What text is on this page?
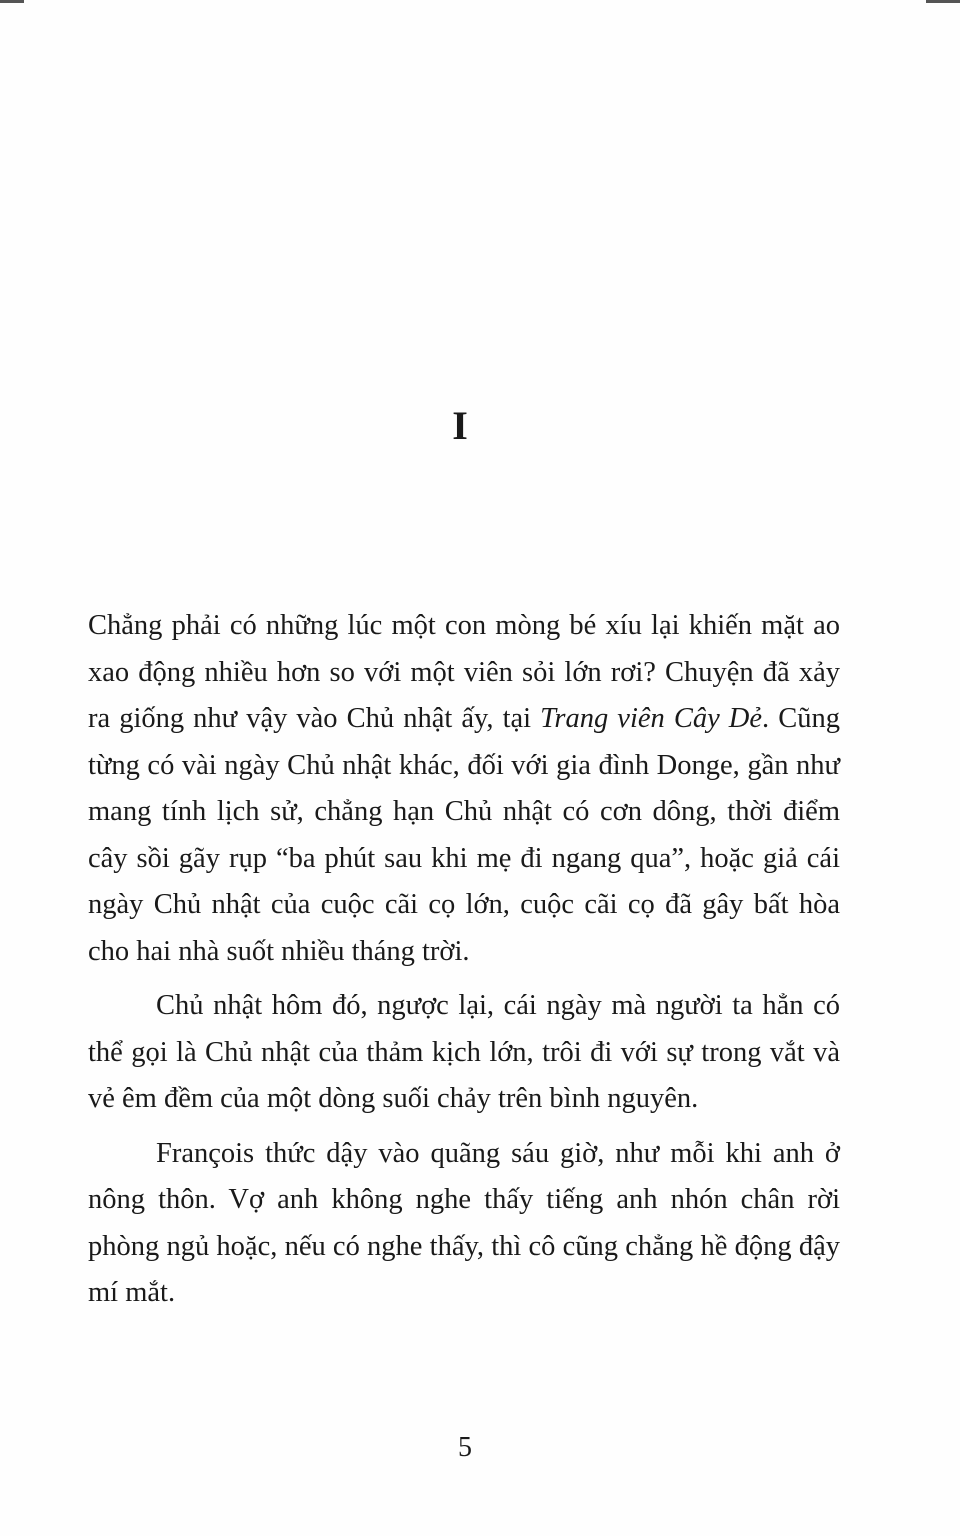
I

Chẳng phải có những lúc một con mòng bé xíu lại khiến mặt ao xao động nhiều hơn so với một viên sỏi lớn rơi? Chuyện đã xảy ra giống như vậy vào Chủ nhật ấy, tại Trang viên Cây Dẻ. Cũng từng có vài ngày Chủ nhật khác, đối với gia đình Donge, gần như mang tính lịch sử, chẳng hạn Chủ nhật có cơn dông, thời điểm cây sồi gãy rụp “ba phút sau khi mẹ đi ngang qua”, hoặc giả cái ngày Chủ nhật của cuộc cãi cọ lớn, cuộc cãi cọ đã gây bất hòa cho hai nhà suốt nhiều tháng trời.

Chủ nhật hôm đó, ngược lại, cái ngày mà người ta hẳn có thể gọi là Chủ nhật của thảm kịch lớn, trôi đi với sự trong vắt và vẻ êm đềm của một dòng suối chảy trên bình nguyên.

François thức dậy vào quãng sáu giờ, như mỗi khi anh ở nông thôn. Vợ anh không nghe thấy tiếng anh nhón chân rời phòng ngủ hoặc, nếu có nghe thấy, thì cô cũng chẳng hề động đậy mí mắt.

5
